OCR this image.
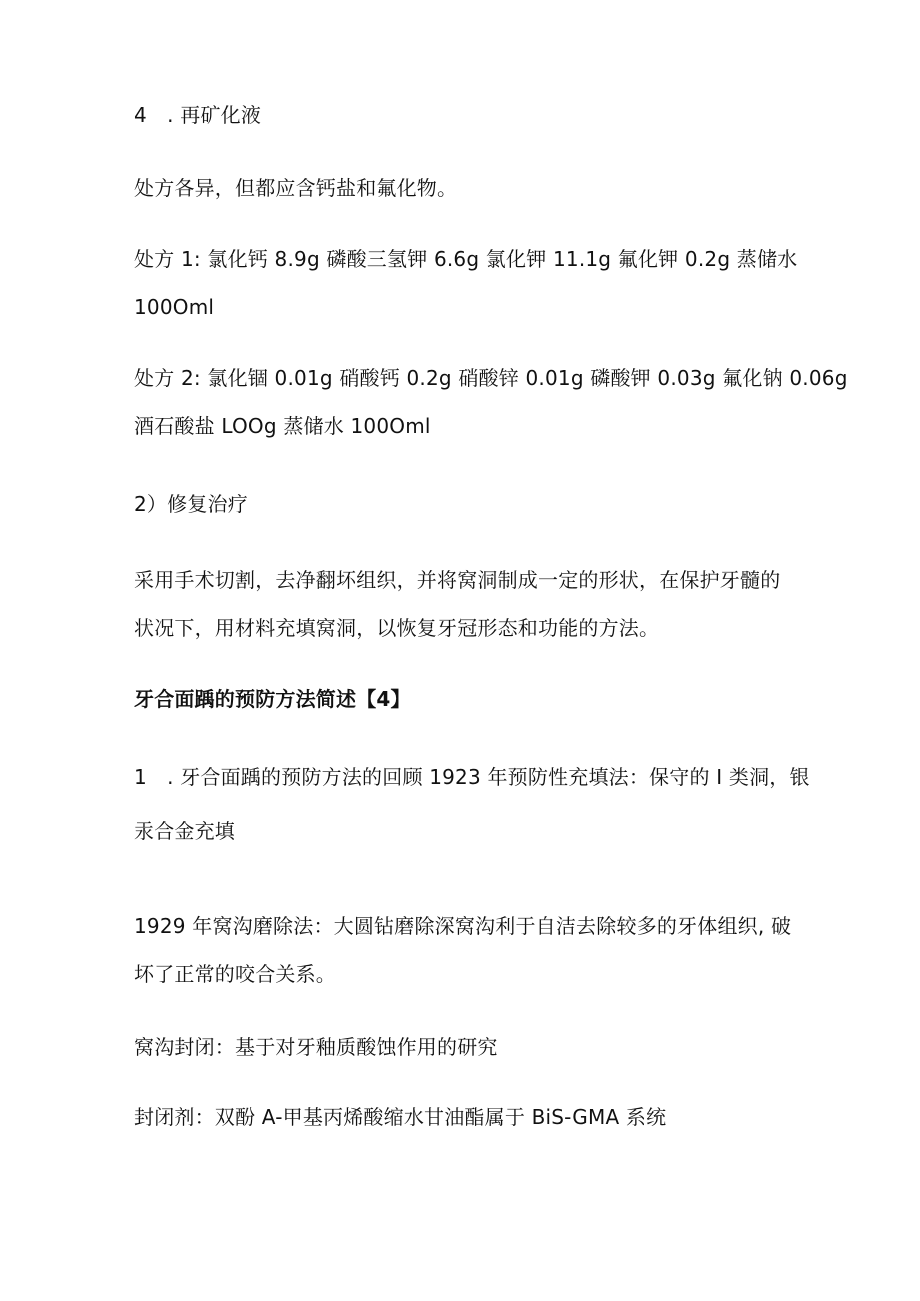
4　. 再矿化液
处方各异，但都应含钙盐和氟化物。
处方 1: 氯化钙 8.9g 磷酸三氢钾 6.6g 氯化钾 11.1g 氟化钾 0.2g 蒸储水
100Oml
处方 2: 氯化锢 0.01g 硝酸钙 0.2g 硝酸锌 0.01g 磷酸钾 0.03g 氟化钠 0.06g
酒石酸盐 LOOg 蒸储水 100Oml
2）修复治疗
采用手术切割，去净翻坏组织，并将窝洞制成一定的形状，在保护牙髓的
状况下，用材料充填窝洞，以恢复牙冠形态和功能的方法。
牙合面踽的预防方法简述【4】
1　. 牙合面踽的预防方法的回顾 1923 年预防性充填法：保守的 I 类洞，银
汞合金充填
1929 年窝沟磨除法：大圆钻磨除深窝沟利于自洁去除较多的牙体组织, 破
坏了正常的咬合关系。
窝沟封闭：基于对牙釉质酸蚀作用的研究
封闭剂：双酚 A-甲基丙烯酸缩水甘油酯属于 BiS-GMA 系统
